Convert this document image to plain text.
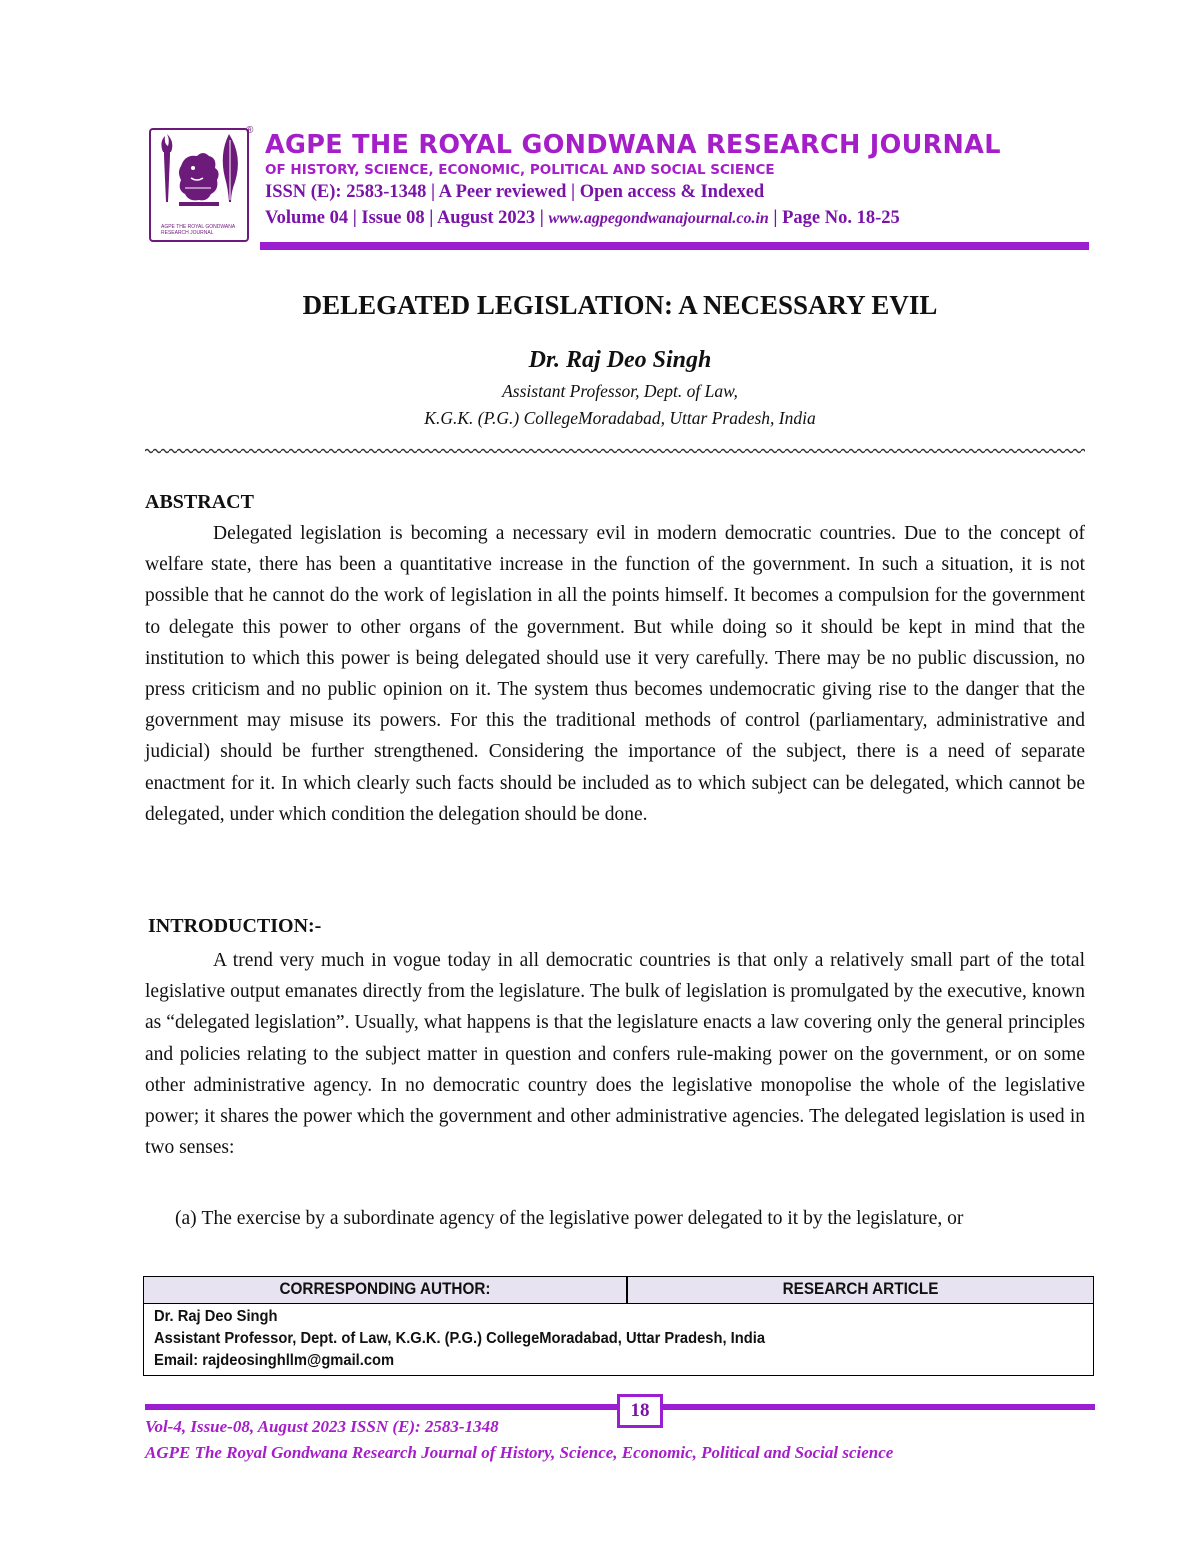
AGPE THE ROYAL GONDWANA RESEARCH JOURNAL
® AGPE THE ROYAL GONDWANA RESEARCH JOURNAL
OF HISTORY, SCIENCE, ECONOMIC, POLITICAL AND SOCIAL SCIENCE
ISSN (E): 2583-1348 | A Peer reviewed | Open access & Indexed
Volume 04 | Issue 08 | August 2023 | www.agpegondwanajournal.co.in | Page No. 18-25
DELEGATED LEGISLATION: A NECESSARY EVIL
Dr. Raj Deo Singh
Assistant Professor, Dept. of Law,
K.G.K. (P.G.) CollegeMoradabad, Uttar Pradesh, India
ABSTRACT
Delegated legislation is becoming a necessary evil in modern democratic countries. Due to the concept of welfare state, there has been a quantitative increase in the function of the government. In such a situation, it is not possible that he cannot do the work of legislation in all the points himself. It becomes a compulsion for the government to delegate this power to other organs of the government. But while doing so it should be kept in mind that the institution to which this power is being delegated should use it very carefully. There may be no public discussion, no press criticism and no public opinion on it. The system thus becomes undemocratic giving rise to the danger that the government may misuse its powers. For this the traditional methods of control (parliamentary, administrative and judicial) should be further strengthened. Considering the importance of the subject, there is a need of separate enactment for it. In which clearly such facts should be included as to which subject can be delegated, which cannot be delegated, under which condition the delegation should be done.
INTRODUCTION:-
A trend very much in vogue today in all democratic countries is that only a relatively small part of the total legislative output emanates directly from the legislature. The bulk of legislation is promulgated by the executive, known as “delegated legislation”. Usually, what happens is that the legislature enacts a law covering only the general principles and policies relating to the subject matter in question and confers rule-making power on the government, or on some other administrative agency. In no democratic country does the legislative monopolise the whole of the legislative power; it shares the power which the government and other administrative agencies. The delegated legislation is used in two senses:
(a) The exercise by a subordinate agency of the legislative power delegated to it by the legislature, or
CORRESPONDING AUTHOR:	RESEARCH ARTICLE
Dr. Raj Deo Singh
Assistant Professor, Dept. of Law, K.G.K. (P.G.) CollegeMoradabad, Uttar Pradesh, India
Email: rajdeosinghllm@gmail.com
18
Vol-4, Issue-08, August 2023 ISSN (E): 2583-1348
AGPE The Royal Gondwana Research Journal of History, Science, Economic, Political and Social science
